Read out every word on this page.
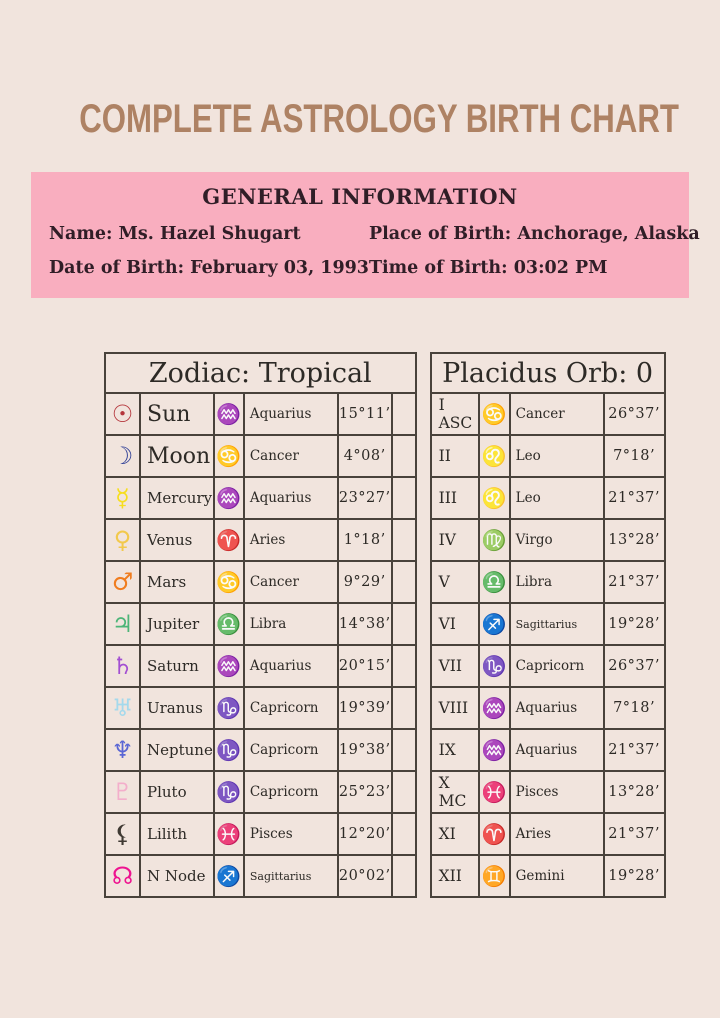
COMPLETE ASTROLOGY BIRTH CHART
GENERAL INFORMATION
Name: Ms. Hazel Shugart
Date of Birth: February 03, 1993
Place of Birth: Anchorage, Alaska
Time of Birth: 03:02 PM
Zodiac: Tropical					
☉	Sun	♒	Aquarius	15°11’	

☽	Moon	♋	Cancer	4°08’	

☿	Mercury	♒	Aquarius	23°27’	

♀	Venus	♈	Aries	1°18’	

♂	Mars	♋	Cancer	9°29’	

♃	Jupiter	♎	Libra	14°38’	

♄	Saturn	♒	Aquarius	20°15’	

♅	Uranus	♑	Capricorn	19°39’	

♆	Neptune	♑	Capricorn	19°38’	

♇	Pluto	♑	Capricorn	25°23’	

⚸	Lilith	♓	Pisces	12°20’	

☊	N Node	♐	Sagittarius	20°02’	

Placidus Orb: 0			

I ASC	♋	Cancer	26°37’

II	♌	Leo	7°18’

III	♌	Leo	21°37’

IV	♍	Virgo	13°28’

V	♎	Libra	21°37’

VI	♐	Sagittarius	19°28’

VII	♑	Capricorn	26°37’

VIII	♒	Aquarius	7°18’

IX	♒	Aquarius	21°37’

X MC	♓	Pisces	13°28’

XI	♈	Aries	21°37’

XII	♊	Gemini	19°28’
